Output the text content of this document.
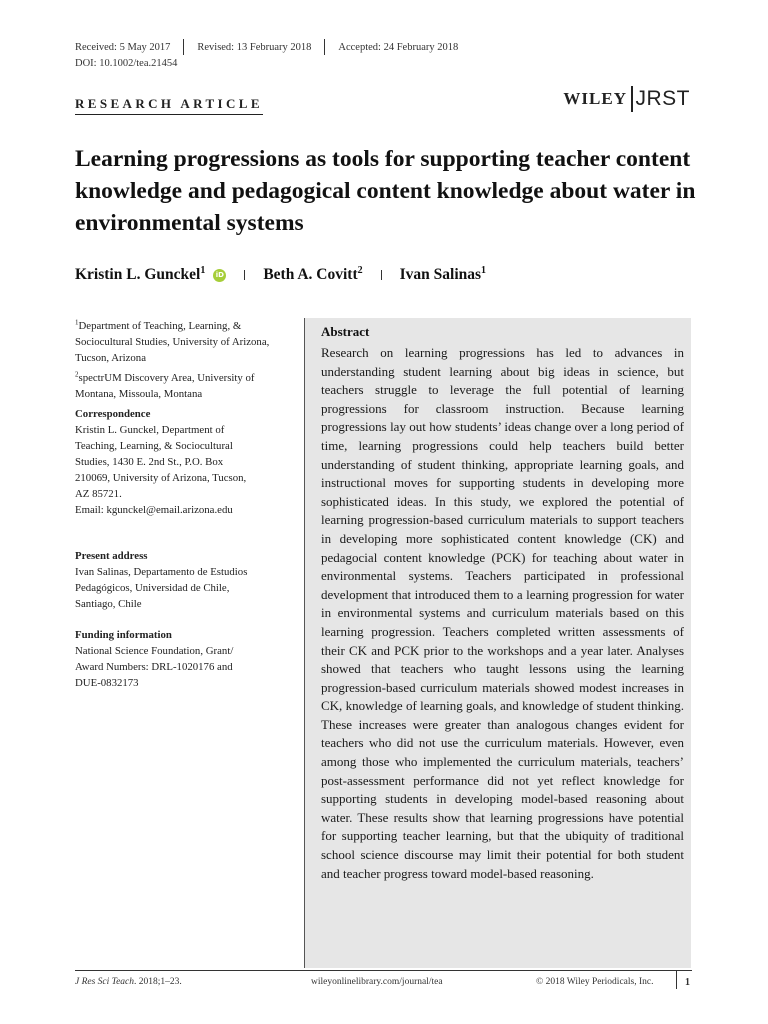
Received: 5 May 2017	Revised: 13 February 2018	Accepted: 24 February 2018
DOI: 10.1002/tea.21454
RESEARCH ARTICLE	WILEY JRST
Learning progressions as tools for supporting teacher content knowledge and pedagogical content knowledge about water in environmental systems
Kristin L. Gunckel$^1$	iD	Beth A. Covitt$^2$ Ivan Salinas$^1$

$^1$Department of Teaching, Learning, & Sociocultural Studies, University of Arizona, Tucson, Arizona

$^2$spectrUM Discovery Area, University of Montana, Missoula, Montana

Correspondence

Kristin L. Gunckel, Department of

Teaching, Learning, & Sociocultural

Studies, 1430 E. 2nd St., P.O. Box

210069, University of Arizona, Tucson,

AZ 85721.

Email: kgunckel@email.arizona.edu

Present address

Ivan Salinas, Departamento de Estudios

Pedagógicos, Universidad de Chile,

Santiago, Chile

Funding information

National Science Foundation, Grant/

Award Numbers: DRL-1020176 and

DUE-0832173

Abstract

Research on learning progressions has led to advances in understanding student learning about big ideas in science, but teachers struggle to leverage the full potential of learning progressions for classroom instruction. Because learning progressions lay out how students’ ideas change over a long period of time, learning progressions could help teachers build better understanding of student thinking, appropriate learning goals, and instructional moves for supporting students in developing more sophisticated ideas. In this study, we explored the potential of learning progression-based curriculum materials to support teachers in developing more sophisticated content knowledge (CK) and pedagocial content knowledge (PCK) for teaching about water in environmental systems. Teachers participated in professional development that introduced them to a learning progression for water in environmental systems and curriculum materials based on this learning progression. Teachers completed written assessments of their CK and PCK prior to the workshops and a year later. Analyses showed that teachers who taught lessons using the learning progression-based curriculum materials showed modest increases in CK, knowledge of learning goals, and knowledge of student thinking. These increases were greater than analogous changes evident for teachers who did not use the curriculum materials. However, even among those who implemented the curriculum materials, teachers’ post-assessment performance did not yet reflect knowledge for supporting students in developing model-based reasoning about water. These results show that learning progressions have potential for supporting teacher learning, but that the ubiquity of traditional school science discourse may limit their potential for both student and teacher progress toward model-based reasoning.

J Res Sci Teach. 2018;1–23.	wileyonlinelibrary.com/journal/tea	© 2018 Wiley Periodicals, Inc.	1
